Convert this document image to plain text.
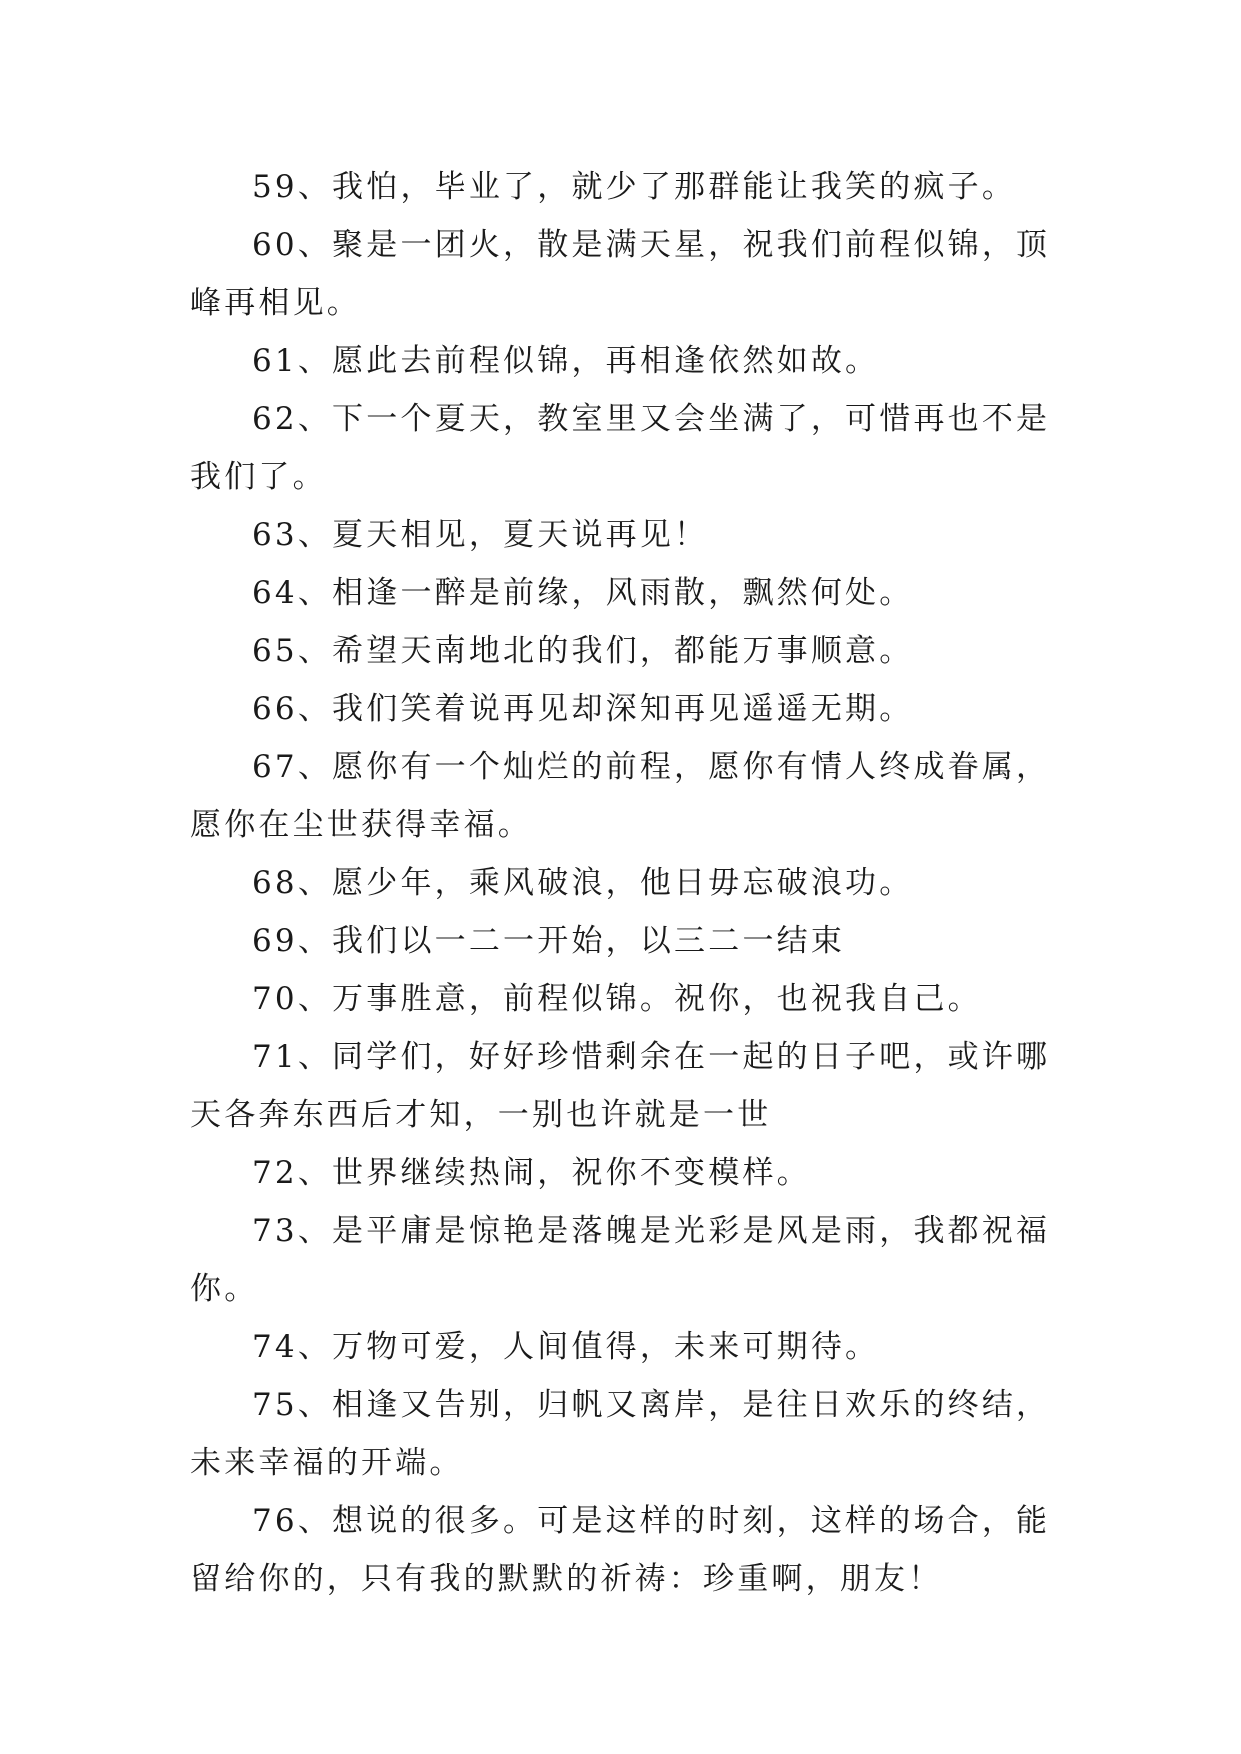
59、我怕，毕业了，就少了那群能让我笑的疯子。

60、聚是一团火，散是满天星，祝我们前程似锦，顶峰再相见。

61、愿此去前程似锦，再相逢依然如故。

62、下一个夏天，教室里又会坐满了，可惜再也不是我们了。

63、夏天相见，夏天说再见！

64、相逢一醉是前缘，风雨散，飘然何处。

65、希望天南地北的我们，都能万事顺意。

66、我们笑着说再见却深知再见遥遥无期。

67、愿你有一个灿烂的前程，愿你有情人终成眷属，愿你在尘世获得幸福。

68、愿少年，乘风破浪，他日毋忘破浪功。

69、我们以一二一开始，以三二一结束

70、万事胜意，前程似锦。祝你，也祝我自己。

71、同学们，好好珍惜剩余在一起的日子吧，或许哪天各奔东西后才知，一别也许就是一世

72、世界继续热闹，祝你不变模样。

73、是平庸是惊艳是落魄是光彩是风是雨，我都祝福你。

74、万物可爱，人间值得，未来可期待。

75、相逢又告别，归帆又离岸，是往日欢乐的终结，未来幸福的开端。

76、想说的很多。可是这样的时刻，这样的场合，能留给你的，只有我的默默的祈祷：珍重啊，朋友！
